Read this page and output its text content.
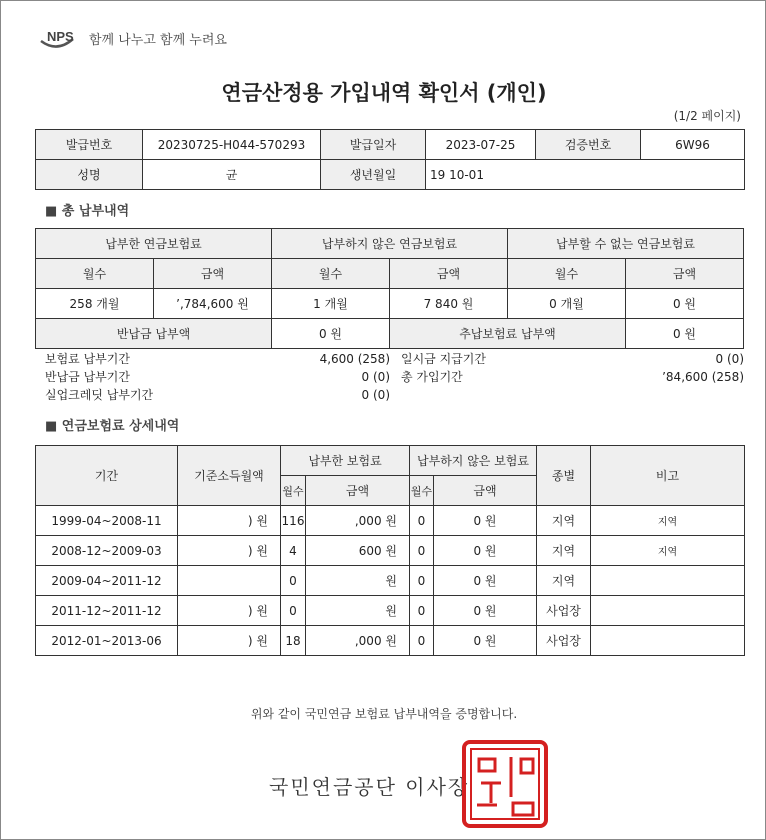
NPS 함께 나누고 함께 누려요
연금산정용 가입내역 확인서 (개인)
(1/2 페이지)
발급번호	20230725-H044-570293	발급일자	2023-07-25	검증번호	6W96
성명	균	생년월일	19 10-01		
■ 총 납부내역
납부한 연금보험료		납부하지 않은 연금보험료		납부할 수 없는 연금보험료	
월수	금액	월수	금액	월수	금액
258 개월	’,784,600 원	1 개월	7 840 원	0 개월	0 원
반납금 납부액		0 원	추납보험료 납부액		0 원
보험료 납부기간	4,600 (258) 일시금 지급기간	0 (0)
반납금 납부기간	0 (0) 총 가입기간	’84,600 (258)
실업크레딧 납부기간	0 (0)
■ 연금보험료 상세내역
기간	기준소득월액	납부한 보험료		납부하지 않은 보험료		종별	비고
		월수	금액	월수	금액		
1999-04~2008-11	) 원	116	,000 원	0	0 원	지역	지역
2008-12~2009-03	) 원	4	600 원	0	0 원	지역	지역
2009-04~2011-12		0	원	0	0 원	지역	
2011-12~2011-12	) 원	0	원	0	0 원	사업장	
2012-01~2013-06	) 원	18	,000 원	0	0 원	사업장	
위와 같이 국민연금 보험료 납부내역을 증명합니다.
국민연금공단 이사장
